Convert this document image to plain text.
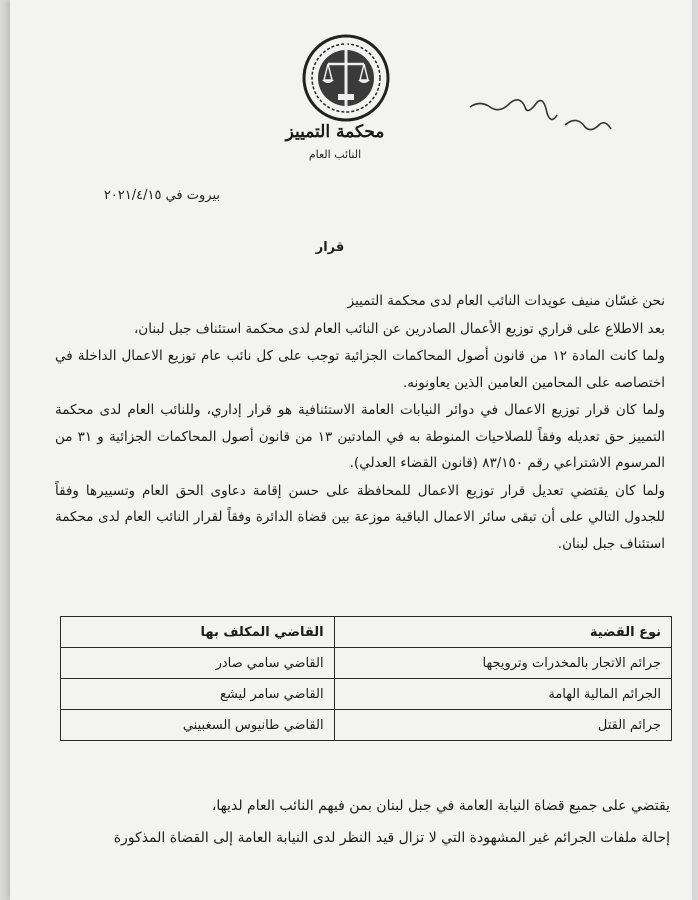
محكمة التمييز
النائب العام
بيروت في ٢٠٢١/٤/١٥
قرار

نحن غسّان منيف عويدات النائب العام لدى محكمة التمييز

بعد الاطلاع على قراري توزيع الأعمال الصادرين عن النائب العام لدى محكمة استئناف جبل لبنان،

ولما كانت المادة ١٢ من قانون أصول المحاكمات الجزائية توجب على كل نائب عام توزيع الاعمال الداخلة في اختصاصه على المحامين العامين الذين يعاونونه.

ولما كان قرار توزيع الاعمال في دوائر النيابات العامة الاستئنافية هو قرار إداري، وللنائب العام لدى محكمة التمييز حق تعديله وفقاً للصلاحيات المنوطة به في المادتين ١٣ من قانون أصول المحاكمات الجزائية و ٣١ من المرسوم الاشتراعي رقم ٨٣/١٥٠ (قانون القضاء العدلي).

ولما كان يقتضي تعديل قرار توزيع الاعمال للمحافظة على حسن إقامة دعاوى الحق العام وتسييرها وفقاً للجدول التالي على أن تبقى سائر الاعمال الباقية موزعة بين قضاة الدائرة وفقاً لقرار النائب العام لدى محكمة استئناف جبل لبنان.

نوع القضية	القاضي المكلف بها
جرائم الاتجار بالمخدرات وترويجها	القاضي سامي صادر
الجرائم المالية الهامة	القاضي سامر ليشع
جرائم القتل	القاضي طانيوس السغبيني

يقتضي على جميع قضاة النيابة العامة في جبل لبنان بمن فيهم النائب العام لديها،

إحالة ملفات الجرائم غير المشهودة التي لا تزال قيد النظر لدى النيابة العامة إلى القضاة المذكورة
